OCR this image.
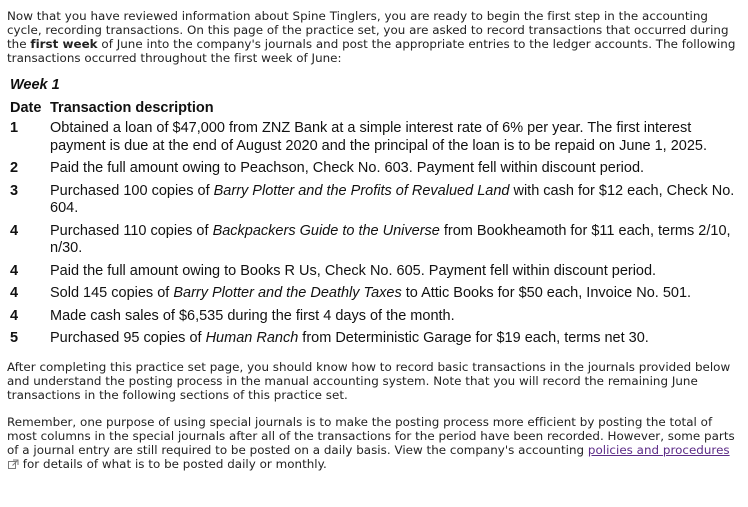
Now that you have reviewed information about Spine Tinglers, you are ready to begin the first step in the accounting cycle, recording transactions. On this page of the practice set, you are asked to record transactions that occurred during the first week of June into the company's journals and post the appropriate entries to the ledger accounts. The following transactions occurred throughout the first week of June:

Week 1
Date	Transaction description
1	Obtained a loan of $47,000 from ZNZ Bank at a simple interest rate of 6% per year. The first interest payment is due at the end of August 2020 and the principal of the loan is to be repaid on June 1, 2025.
2	Paid the full amount owing to Peachson, Check No. 603. Payment fell within discount period.
3	Purchased 100 copies of Barry Plotter and the Profits of Revalued Land with cash for $12 each, Check No. 604.
4	Purchased 110 copies of Backpackers Guide to the Universe from Bookheamoth for $11 each, terms 2/10, n/30.
4	Paid the full amount owing to Books R Us, Check No. 605. Payment fell within discount period.
4	Sold 145 copies of Barry Plotter and the Deathly Taxes to Attic Books for $50 each, Invoice No. 501.
4	Made cash sales of $6,535 during the first 4 days of the month.
5	Purchased 95 copies of Human Ranch from Deterministic Garage for $19 each, terms net 30.

After completing this practice set page, you should know how to record basic transactions in the journals provided below and understand the posting process in the manual accounting system. Note that you will record the remaining June transactions in the following sections of this practice set.

Remember, one purpose of using special journals is to make the posting process more efficient by posting the total of most columns in the special journals after all of the transactions for the period have been recorded. However, some parts of a journal entry are still required to be posted on a daily basis. View the company's accounting policies and procedures for details of what is to be posted daily or monthly.
